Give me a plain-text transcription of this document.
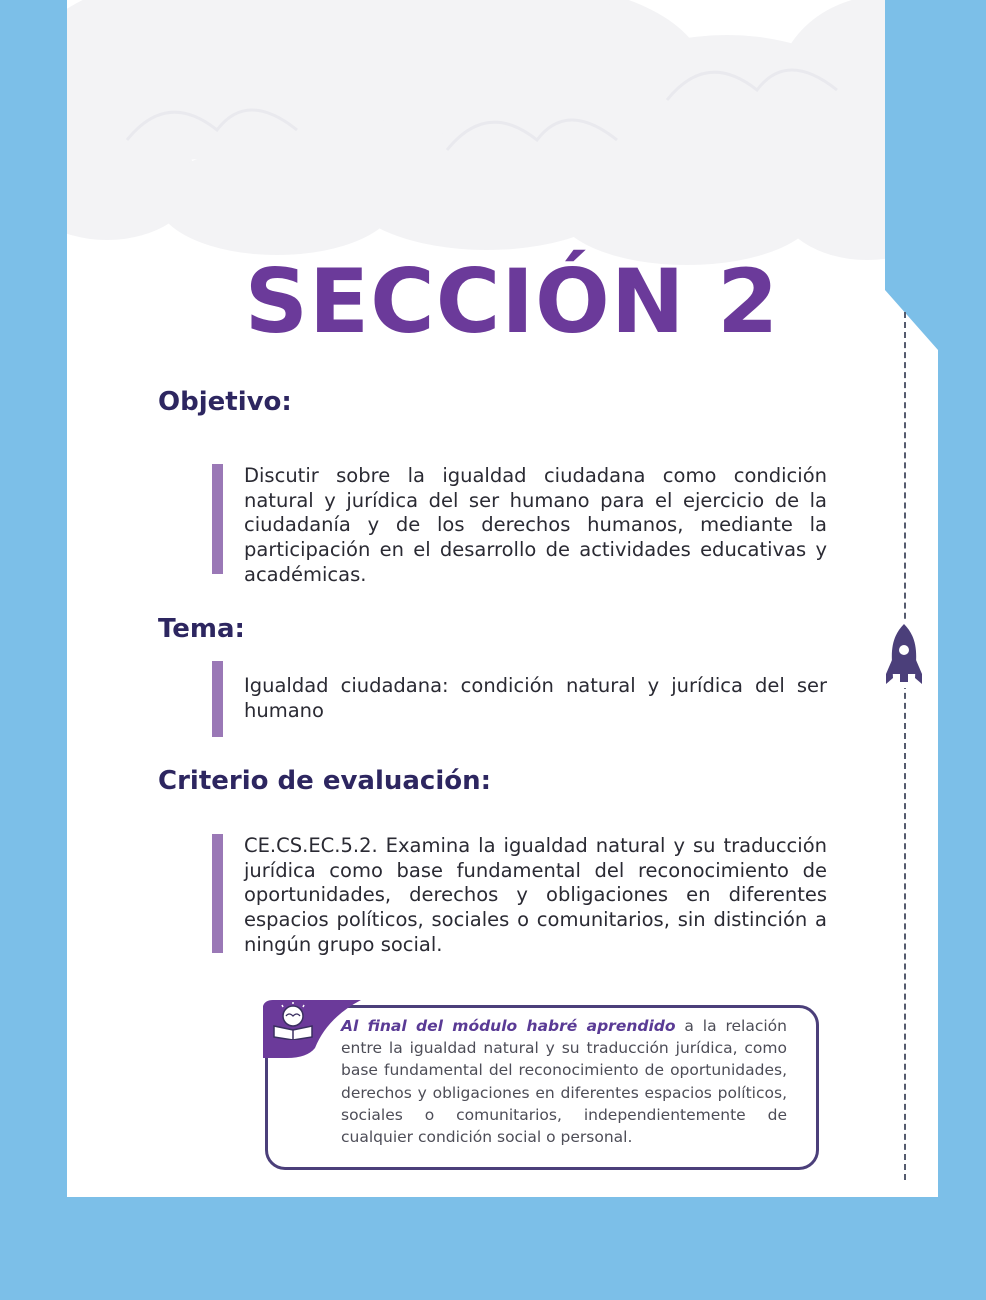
SECCIÓN 2
Objetivo:

Discutir sobre la igualdad ciudadana como condición natural y jurídica del ser humano para el ejercicio de la ciudadanía y de los derechos humanos, mediante la participación en el desarrollo de actividades educativas y académicas.

Tema:

Igualdad ciudadana: condición natural y jurídica del ser humano

Criterio de evaluación:

CE.CS.EC.5.2. Examina la igualdad natural y su traducción jurídica como base fundamental del reconocimiento de oportunidades, derechos y obligaciones en diferentes espacios políticos, sociales o comunitarios, sin distinción a ningún grupo social.

Al final del módulo habré aprendido a la relación entre la igualdad natural y su traducción jurídica, como base fundamental del reconocimiento de oportunidades, derechos y obligaciones en diferentes espacios políticos, sociales o comunitarios, independientemente de cualquier condición social o personal.
